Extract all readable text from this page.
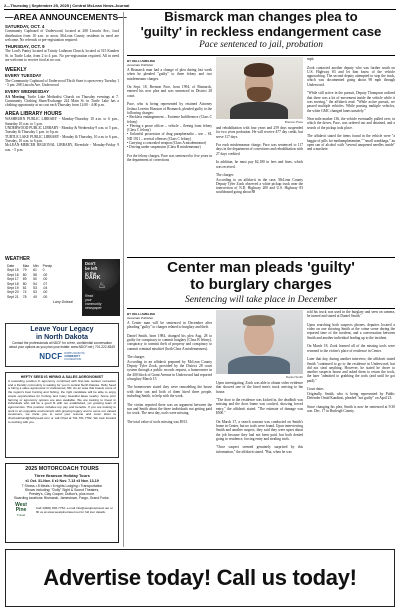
2—Thursday | September 25, 2025 | Central McLean News-Journal
—AREA ANNOUNCEMENTS—
SATURDAY, OCT. 4
Community Cupboard of Underwood, located at 208 Lincoln Ave., food distribution from 10 a.m. to noon. McLean County residents in need are welcome. No referrals or pre-registration required.
THURSDAY, OCT. 9
The Lord's Pantry located at Trinity Lutheran Church, located at 515 Kandert St. in Turtle Lake, from 2 to 4 p.m. No pre-registration required. All in need are welcome to receive food at no cost.
WEEKLY
EVERY TUESDAY
The Community Cupboard of Underwood Thrift Store is open every Tuesday 1 - 5 pm. 208 Lincoln Ave. Underwood
EVERY WEDNESDAY
AA Meeting, Turtle Lake Methodist Church on Thursday evenings at 7. Community Clothing Share/Exchange 224 Main St. in Turtle Lake has a clothing opportunity at no cost each Thursday from 12:00 - 4:00 p.m.
AREA LIBRARY HOURS
WASHBURN PUBLIC LIBRARY - Monday-Thursday 10 a.m. to 6 p.m., Saturday 10 a.m. to 1 p.m.
UNDERWOOD PUBLIC LIBRARY - Monday & Wednesday 9 a.m. to 5 p.m., Tuesday & Thursday 1 p.m. to 6 p.m.
TURTLE LAKE PUBLIC LIBRARY - Monday & Thursday, 10 a.m. to 6 p.m., Tuesday, 10 a.m. to 6 p.m.
McLEAN-MERCER REGIONAL LIBRARY, Riverdale - Monday-Friday 9 a.m. - 5 p.m.
WEATHER
Date	Max	Min	Precip
Sept 15	79	61	0
Sept 16	80	58	.00
Sept 17	69	50	.00
Sept 18	80	54	.07
Sept 19	81	53	.04
Sept 20	74	53	.00
Sept 21	78	49	.00
Larry Dolezal
Don't
be left
in the
DARK
♨
Read
your
community
newspaper
Leave Your Legacy
in North Dakota
Contact the professionals at NDCF for a free, confidential conversation about your options as you plan your estate: www.NDCF.net | 701-222-8349
NDCF NORTH DAKOTA
COMMUNITY
FOUNDATION
HEFTY SEED IS HIRING A SALES AGRONOMIST
A rewarding position in agronomy combined with first-rate outdoor recreation and a friendly community is waiting for you in central North Dakota. Hefty Seed is hiring a sales agronomist in Underwood, ND. As an area that boasts some of the region's best hunting and fishing, the right candidate will be able to enjoy ample opportunities for hunting and many beautiful lakes nearby. Some prior farming or agronomy options are also available. We are looking to invest in individuals who will be a good fit with our established, yet growing team of agronomists. This position includes top pay and benefits. If you are looking to work in an enjoyable environment with growing legacy and to serve our valued customers, we invite you to send your resume and cover letter to chad.wahlund@heftyseed.com or call Chad at 701-791-7782. We look forward to working with you.
2025 MOTORCOACH TOURS
Three Branson Holiday Tours
♦1 Oct. 31-Nov. 6 ♦2 Nov. 7-13 ♦3 Nov. 13-19
7 Shows • 8 Meals • 6 nights Lodging • Transportation
Shows including: "Dolly" Sight & Sound Theatres,
Presley's, Clay Cooper, Dutton's, plus more.
Boarding locations: Bismarck, Jamestown, Fargo, Grand Forks.
West
Pine
Travel
Call 1(800) 846-7752, e-mail info@westpinetravel.net or fill us at www.westpinetravel.net for full tour details.
Bismarck man changes plea to
'guilty' in reckless endangerment case
Pace sentenced to jail, probation
BY KELLI AMELING
Associate Publisher
A Bismarck man had a change of plea during last week when he pleaded "guilty" to three felony and two misdemeanor charges.

On Sept. 18, Brenton Pace, born 1994, of Bismarck, entered his new plea and was sentenced in District 28 court.

Pace, who is being represented by retained Attorney Joshua Lovetro Houston of Bismarck, pleaded guilty to the following charges:
• Reckless endangerment – Extreme Indifference (Class C felony)
• Fleeing a peace officer – vehicle – fleeing from felony (Class C felony)
• Unlawful possession of drug paraphernalia – use – SL ND 1911 – several offenses (Class C felony)
• Carrying a concealed weapon (Class A misdemeanor)
• Driving under suspension (Class B misdemeanor)

For the felony charges, Pace was sentenced to five years in the department of corrections
Brenton Pace
and rehabilitation with four years and 259 days suspended for two years probation. He will receive 477 day credit, but serve 117 days.

For each misdemeanor charge, Pace was sentenced to 117 days in the department of corrections and rehabilitation with 27 days credited.

In addition, he must pay $2,180 in fees and fines, which was received.

The charges
According to an affidavit in the case, McLean County Deputy Tyler Zook observed a white pickup truck near the intersection of N.D. Highway 200 and U.S. Highway 83 southbound going about 88
mph.

Zook contacted another deputy who was further south on U.S. Highway 83 and let him know of the vehicle approaching. The second deputy attempted to stop the truck, which was documented going about 98 mph through Underwood.

"While still active in the pursuit, Deputy Thompson radioed that there was a lot of movement inside the vehicle while it was moving," the affidavit read. "While active pursuit, we passed multiple vehicles. While passing multiple vehicles, the white GMC changed lanes unsafely."

Near mile marker 136, the vehicle eventually pulled over, in which the driver, Pace, was ordered out and detained, and a search of the pickup took place.

The affidavit stated the items found in the vehicle were "a baggie of pills for methamphetamine," "small crankbags," an open can of alcohol with "several unopened needles inside" and a machete.
Center man pleads 'guilty'
to burglary charges
Sentencing will take place in December
BY KELLI AMELING
Associate Publisher
A Center man will be sentenced in December after pleading "guilty" to charges related to burglary and theft.

Daniel Smith, born 1984, changed his plea Aug. 28 to guilty for conspiracy to commit burglary (Class B felony), conspiracy to commit theft of property and conspiracy to commit criminal mischief (both Class A misdemeanors).

The charges
According to an affidavit prepared by McLean County Deputy Tyler Zook, provided by the District 28 court system through a public records request, a homeowner in the 200 block of Grant Avenue in Underwood had reported a burglary March 15.

The homeowner stated they were remodeling the house with their son and both of them hired three people, including Smith, to help with the work.

The victim reported there was an argument between the son and Smith about the three individuals not getting paid for work. The next day, tools were missing.

The total value of tools missing was $913.
Daniel Smith
Upon investigating, Zook was able to obtain video evidence that showed one of the hired men's truck arriving to the house.

"The door to the residence was kicked in, the deadbolt was missing and the door frame was cracked, showing forced entry," the affidavit stated. "The estimate of damage was $500."

On March 17, a search warrant was conducted on Smith's home in Center, but no tools were found. Upon interviewing Smith and another suspect, they said they were upset about the job because they had not been paid, but both denied going to residence, forcing entry and stealing tools.

"Once suspect seemed genuinely surprised by this information," the affidavit stated. "But, when he was
told his truck was used in the burglary and seen on camera, he turned and stared at Daniel Smith."

Upon searching both suspects phones, deputies located a video on one showing Smith at the crime scene during the reported time of the incident, and a conversation between Smith and another individual leading up to the incident.

On March 18, Zook learned all of the missing tools were returned to the victim's place of residence in Center.

Later that day, during another interview, the affidavit stated Smith "continued to go to the residence in Underwood, but did not steal anything. However, he stated he drove to another suspects house and asked them to return the tools, the later "admitted to grabbing the tools (and until he got paid)."

Court dates
Originally, Smith, who is being represented by Public Defender Omid Kandinsi, pleaded "not guilty" on April 23.

Since changing his plea, Smith is now be sentenced at 9:30 a.m. Dec. 17 in Burleigh County.
Advertise today! Call us today!
